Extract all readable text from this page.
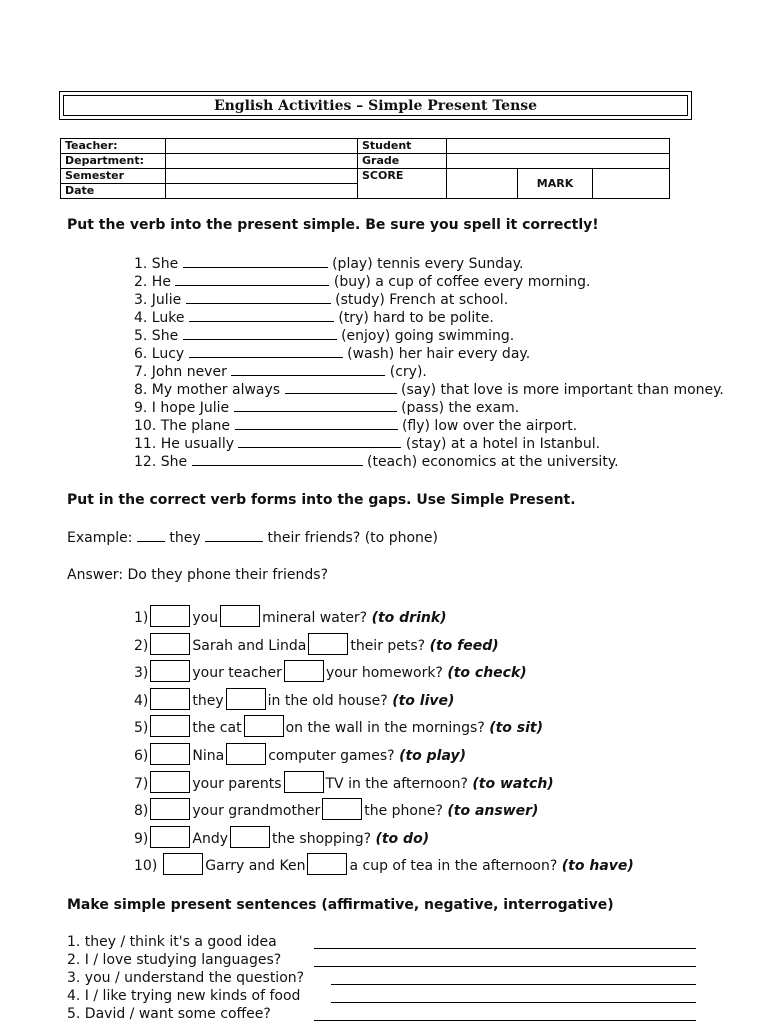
English Activities – Simple Present Tense
Teacher:		Student			
Department:		Grade			
Semester		SCORE		MARK	
Date					
Put the verb into the present simple. Be sure you spell it correctly!
1. She	(play) tennis every Sunday.
2. He	(buy) a cup of coffee every morning.
3. Julie	(study) French at school.
4. Luke	(try) hard to be polite.
5. She	(enjoy) going swimming.
6. Lucy	(wash) her hair every day.
7. John never	(cry).
8. My mother always	(say) that love is more important than money.
9. I hope Julie	(pass) the exam.
10. The plane	(fly) low over the airport.
11. He usually	(stay) at a hotel in Istanbul.
12. She	(teach) economics at the university.
Put in the correct verb forms into the gaps. Use Simple Present.
Example:  they	their friends? (to phone)
Answer: Do they phone their friends?
1)	you	mineral water? (to drink)
2)	Sarah and Linda	their pets? (to feed)
3)	your teacher	your homework? (to check)
4)	they	in the old house? (to live)
5)	the cat	on the wall in the mornings? (to sit)
6)	Nina	computer games? (to play)
7)	your parents	TV in the afternoon? (to watch)
8)	your grandmother	the phone? (to answer)
9)	Andy	the shopping? (to do)
10)	Garry and Ken	a cup of tea in the afternoon? (to have)
Make simple present sentences (affirmative, negative, interrogative)
1. they / think it's a good idea
2. I / love studying languages?
3. you / understand the question?
4. I / like trying new kinds of food
5. David / want some coffee?
